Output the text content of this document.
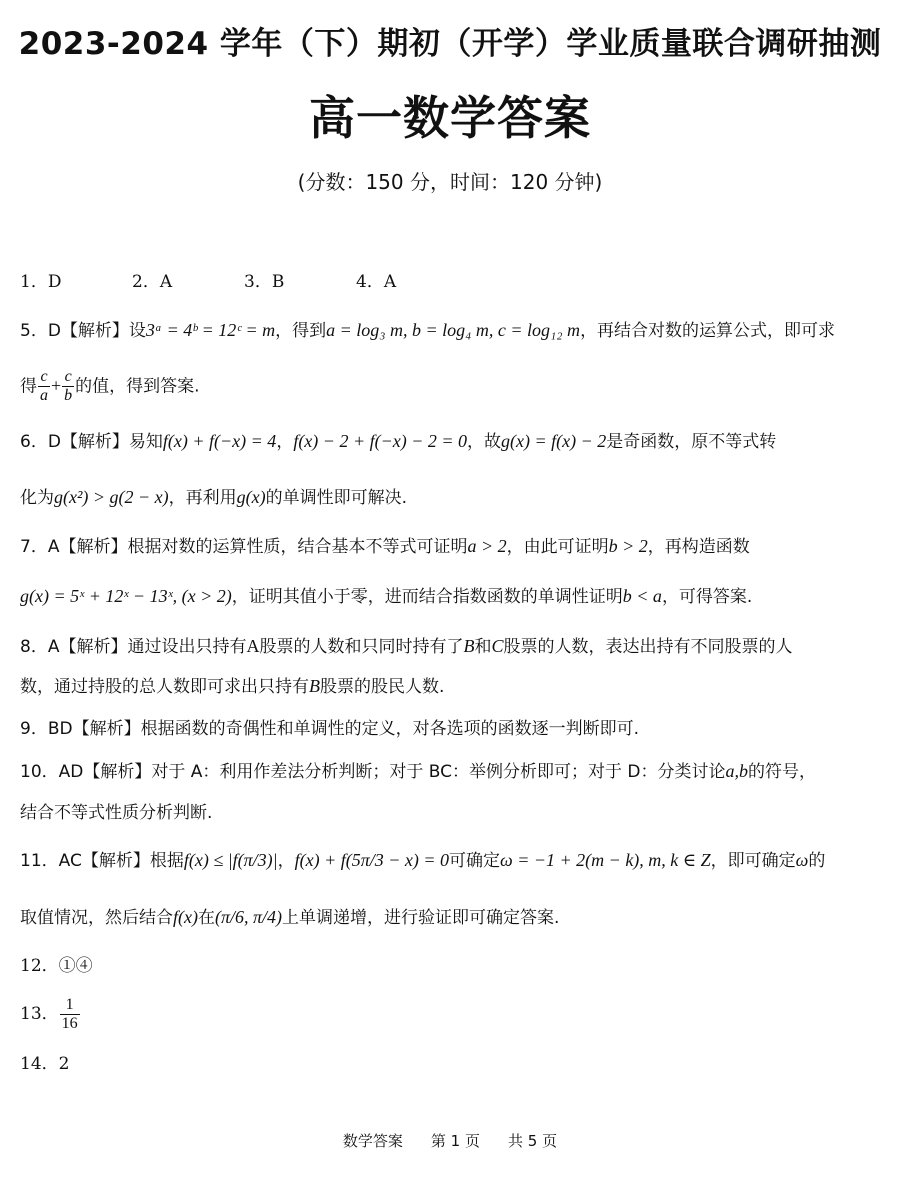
2023-2024 学年（下）期初（开学）学业质量联合调研抽测
高一数学答案
(分数：150 分，时间：120 分钟)
1．D	2．A	3．B	4．A
5．D【解析】设3ᵃ = 4ᵇ = 12ᶜ = m，得到a = log₃ m, b = log₄ m, c = log₁₂ m，再结合对数的运算公式，即可求
得 $\frac{c}{a} + \frac{c}{b}$ 的值，得到答案.
6．D【解析】易知f(x) + f(−x) = 4，f(x) − 2 + f(−x) − 2 = 0，故g(x) = f(x) − 2是奇函数，原不等式转
化为g(x²) > g(2 − x)，再利用g(x)的单调性即可解决.
7．A【解析】根据对数的运算性质，结合基本不等式可证明a > 2，由此可证明b > 2，再构造函数
g(x) = 5ˣ + 12ˣ − 13ˣ, (x > 2)，证明其值小于零，进而结合指数函数的单调性证明b < a，可得答案.
8．A【解析】通过设出只持有A股票的人数和只同时持有了B和C股票的人数，表达出持有不同股票的人
数，通过持股的总人数即可求出只持有B股票的股民人数.
9．BD【解析】根据函数的奇偶性和单调性的定义，对各选项的函数逐一判断即可.
10．AD【解析】对于 A：利用作差法分析判断；对于 BC：举例分析即可；对于 D：分类讨论a,b的符号，
结合不等式性质分析判断.
11．AC【解析】根据f(x) ≤ |f(π/3)|，f(x) + f(5π/3 − x) = 0可确定ω = −1 + 2(m − k), m, k ∈ Z，即可确定ω的
取值情况，然后结合f(x)在(π/6, π/4)上单调递增，进行验证即可确定答案.
12．①④
13． $\frac{1}{16}$
14．2
数学答案 第 1 页 共 5 页
